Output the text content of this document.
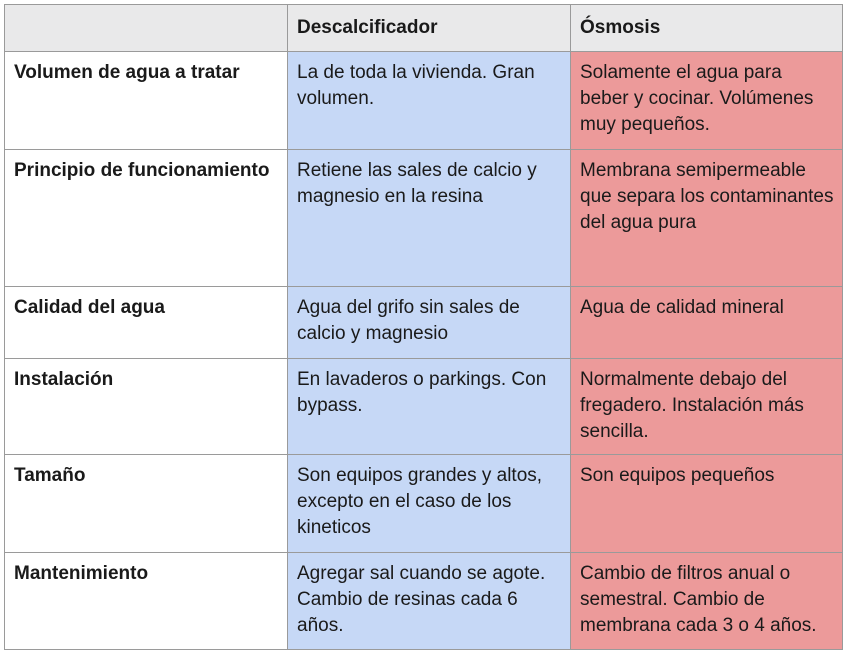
	Descalcificador	Ósmosis
Volumen de agua a tratar	La de toda la vivienda. Gran volumen.	Solamente el agua para beber y cocinar. Volúmenes muy pequeños.
Principio de funcionamiento	Retiene las sales de calcio y magnesio en la resina	Membrana semipermeable que separa los contaminantes del agua pura
Calidad del agua	Agua del grifo sin sales de calcio y magnesio	Agua de calidad mineral
Instalación	En lavaderos o parkings. Con bypass.	Normalmente debajo del fregadero. Instalación más sencilla.
Tamaño	Son equipos grandes y altos, excepto en el caso de los kineticos	Son equipos pequeños
Mantenimiento	Agregar sal cuando se agote. Cambio de resinas cada 6 años.	Cambio de filtros anual o semestral. Cambio de membrana cada 3 o 4 años.
